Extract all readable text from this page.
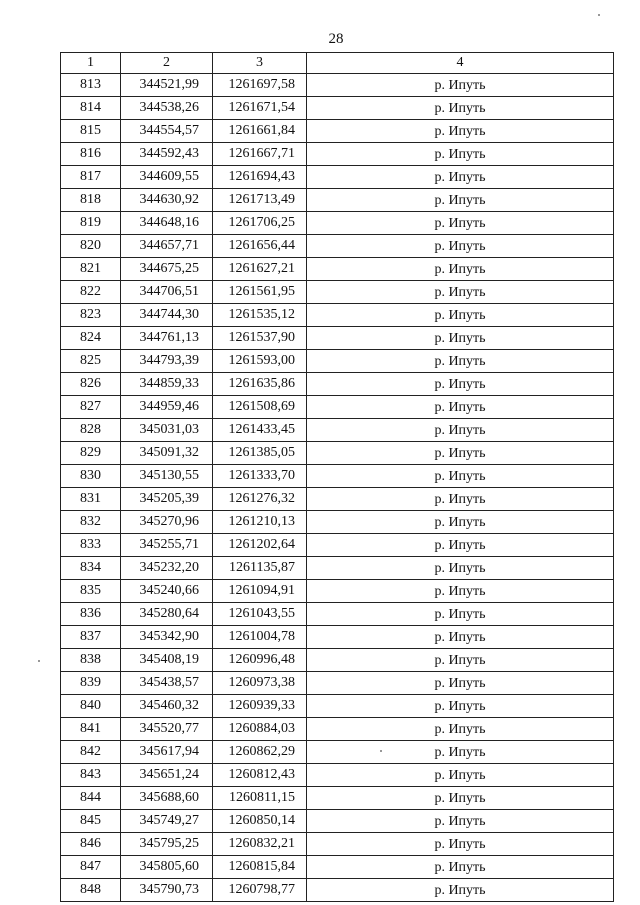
28
1	2	3	4
813	344521,99	1261697,58	р. Ипуть
814	344538,26	1261671,54	р. Ипуть
815	344554,57	1261661,84	р. Ипуть
816	344592,43	1261667,71	р. Ипуть
817	344609,55	1261694,43	р. Ипуть
818	344630,92	1261713,49	р. Ипуть
819	344648,16	1261706,25	р. Ипуть
820	344657,71	1261656,44	р. Ипуть
821	344675,25	1261627,21	р. Ипуть
822	344706,51	1261561,95	р. Ипуть
823	344744,30	1261535,12	р. Ипуть
824	344761,13	1261537,90	р. Ипуть
825	344793,39	1261593,00	р. Ипуть
826	344859,33	1261635,86	р. Ипуть
827	344959,46	1261508,69	р. Ипуть
828	345031,03	1261433,45	р. Ипуть
829	345091,32	1261385,05	р. Ипуть
830	345130,55	1261333,70	р. Ипуть
831	345205,39	1261276,32	р. Ипуть
832	345270,96	1261210,13	р. Ипуть
833	345255,71	1261202,64	р. Ипуть
834	345232,20	1261135,87	р. Ипуть
835	345240,66	1261094,91	р. Ипуть
836	345280,64	1261043,55	р. Ипуть
837	345342,90	1261004,78	р. Ипуть
838	345408,19	1260996,48	р. Ипуть
839	345438,57	1260973,38	р. Ипуть
840	345460,32	1260939,33	р. Ипуть
841	345520,77	1260884,03	р. Ипуть
842	345617,94	1260862,29	р. Ипуть
843	345651,24	1260812,43	р. Ипуть
844	345688,60	1260811,15	р. Ипуть
845	345749,27	1260850,14	р. Ипуть
846	345795,25	1260832,21	р. Ипуть
847	345805,60	1260815,84	р. Ипуть
848	345790,73	1260798,77	р. Ипуть
